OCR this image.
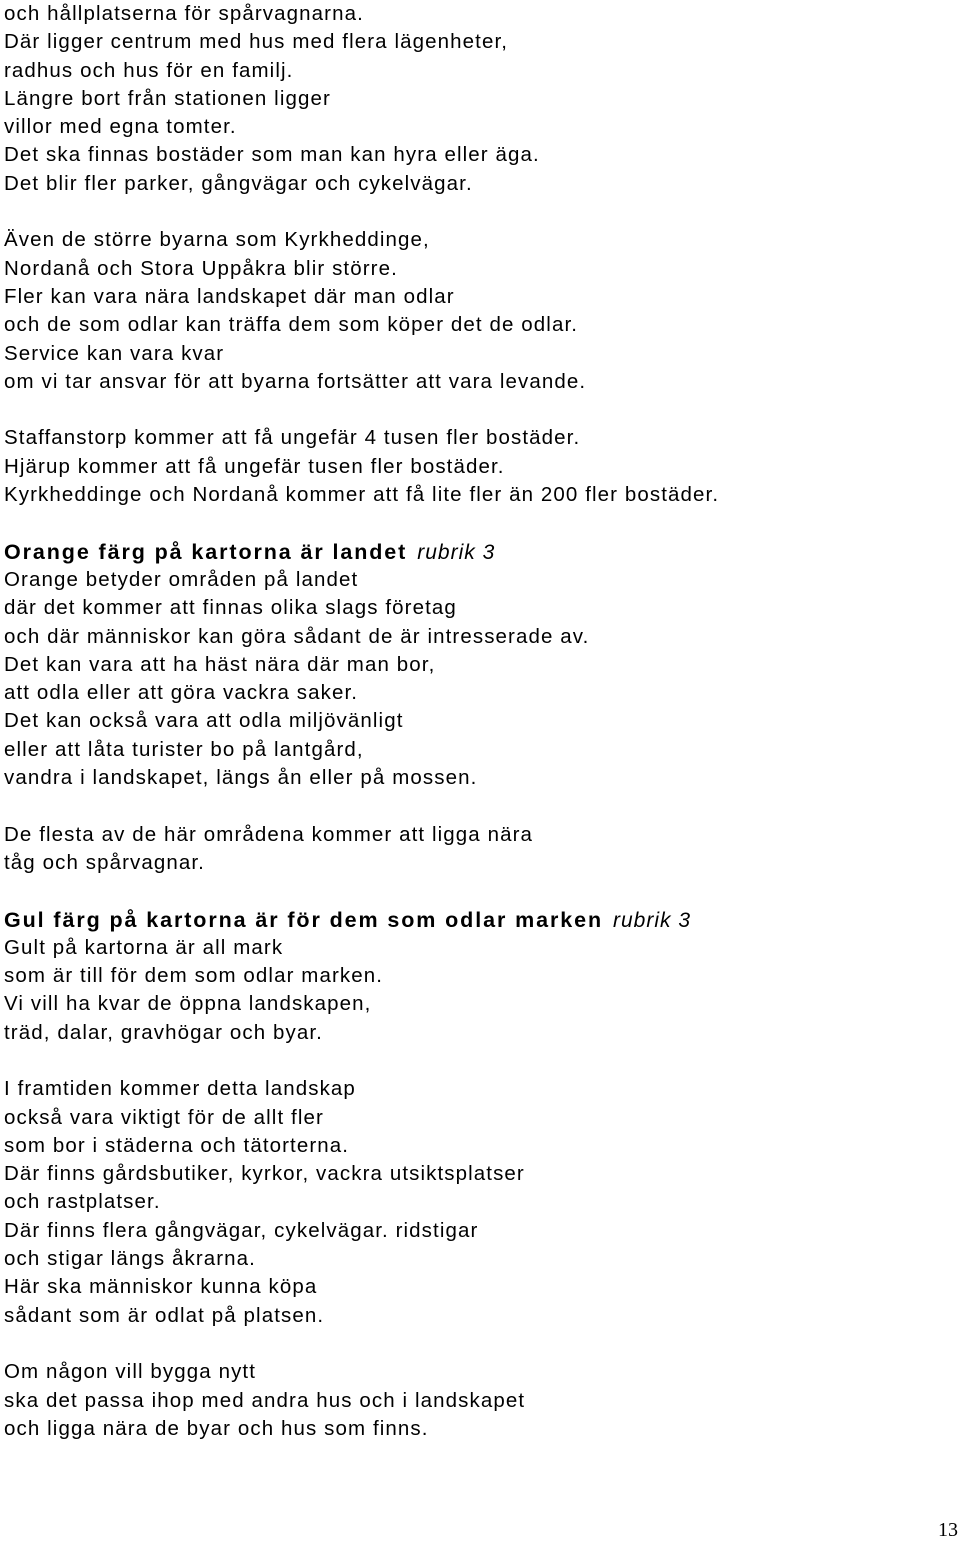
och hållplatserna för spårvagnarna.
Där ligger centrum med hus med flera lägenheter,
radhus och hus för en familj.
Längre bort från stationen ligger
villor med egna tomter.
Det ska finnas bostäder som man kan hyra eller äga.
Det blir fler parker, gångvägar och cykelvägar.
Även de större byarna som Kyrkheddinge,
Nordanå och Stora Uppåkra blir större.
Fler kan vara nära landskapet där man odlar
och de som odlar kan träffa dem som köper det de odlar.
Service kan vara kvar
om vi tar ansvar för att byarna fortsätter att vara levande.
Staffanstorp kommer att få ungefär 4 tusen fler bostäder.
Hjärup kommer att få ungefär tusen fler bostäder.
Kyrkheddinge och Nordanå kommer att få lite fler än 200 fler bostäder.
Orange färg på kartorna är landet rubrik 3
Orange betyder områden på landet
där det kommer att finnas olika slags företag
och där människor kan göra sådant de är intresserade av.
Det kan vara att ha häst nära där man bor,
att odla eller att göra vackra saker.
Det kan också vara att odla miljövänligt
eller att låta turister bo på lantgård,
vandra i landskapet, längs ån eller på mossen.
De flesta av de här områdena kommer att ligga nära
tåg och spårvagnar.
Gul färg på kartorna är för dem som odlar marken rubrik 3
Gult på kartorna är all mark
som är till för dem som odlar marken.
Vi vill ha kvar de öppna landskapen,
träd, dalar, gravhögar och byar.
I framtiden kommer detta landskap
också vara viktigt för de allt fler
som bor i städerna och tätorterna.
Där finns gårdsbutiker, kyrkor, vackra utsiktsplatser
och rastplatser.
Där finns flera gångvägar, cykelvägar. ridstigar
och stigar längs åkrarna.
Här ska människor kunna köpa
sådant som är odlat på platsen.
Om någon vill bygga nytt
ska det passa ihop med andra hus och i landskapet
och ligga nära de byar och hus som finns.
13
